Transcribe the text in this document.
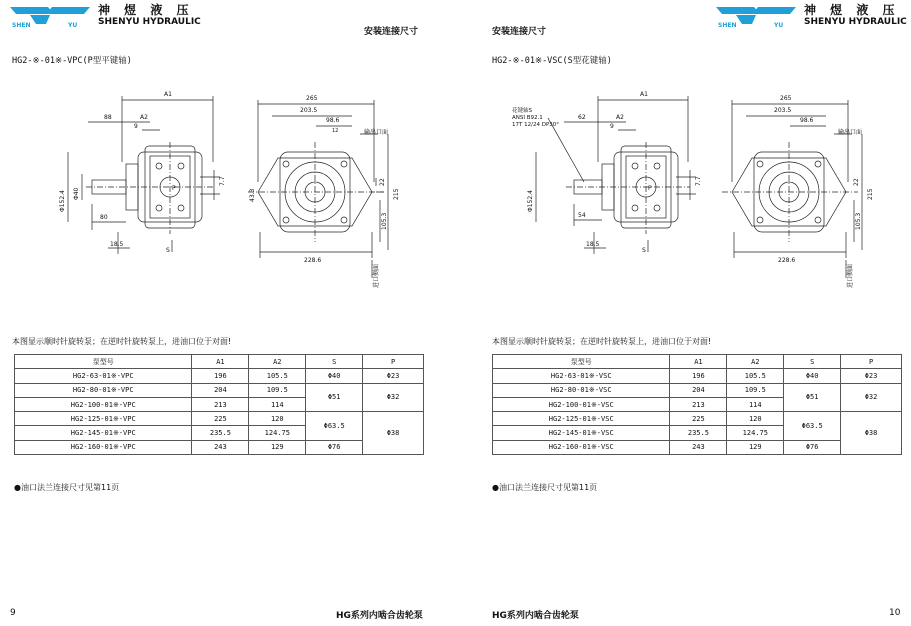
SHEN	YU
神 煜 液 压
SHENYU HYDRAULIC
安装连接尺寸
HG2-※-01※-VPC(P型平键轴)
A1
A2
88
9
80
18.5
S
P
7.7
Φ152.4 Φ40
265
203.5
98.6
12	输出口面
22
215
105.3
228.6
43.3
进口侧面
本图显示顺时针旋转泵；在逆时针旋转泵上，进油口位于对面!
泵型号	A1	A2	S	P
HG2-63-01※-VPC	196	105.5	Φ40	Φ23
HG2-80-01※-VPC	204	109.5	Φ51	Φ32
HG2-100-01※-VPC	213	114		
HG2-125-01※-VPC	225	120	Φ63.5	Φ38
HG2-145-01※-VPC	235.5	124.75		
HG2-160-01※-VPC	243	129	Φ76	
●油口法兰连接尺寸见第11页
9	HG系列内啮合齿轮泵
安装连接尺寸
SHEN	YU
神 煜 液 压
SHENYU HYDRAULIC
HG2-※-01※-VSC(S型花键轴)
花键轴S
ANSI B92.1
17T 12/24 DP30°
A1
A2
62
9
54
18.5
S
P
7.7
Φ152.4
265
203.5
98.6
输出口面
22
215
105.3
228.6
进口侧面
本图显示顺时针旋转泵；在逆时针旋转泵上，进油口位于对面!
泵型号	A1	A2	S	P
HG2-63-01※-VSC	196	105.5	Φ40	Φ23
HG2-80-01※-VSC	204	109.5	Φ51	Φ32
HG2-100-01※-VSC	213	114		
HG2-125-01※-VSC	225	120	Φ63.5	Φ38
HG2-145-01※-VSC	235.5	124.75		
HG2-160-01※-VSC	243	129	Φ76	
●油口法兰连接尺寸见第11页
HG系列内啮合齿轮泵	10
